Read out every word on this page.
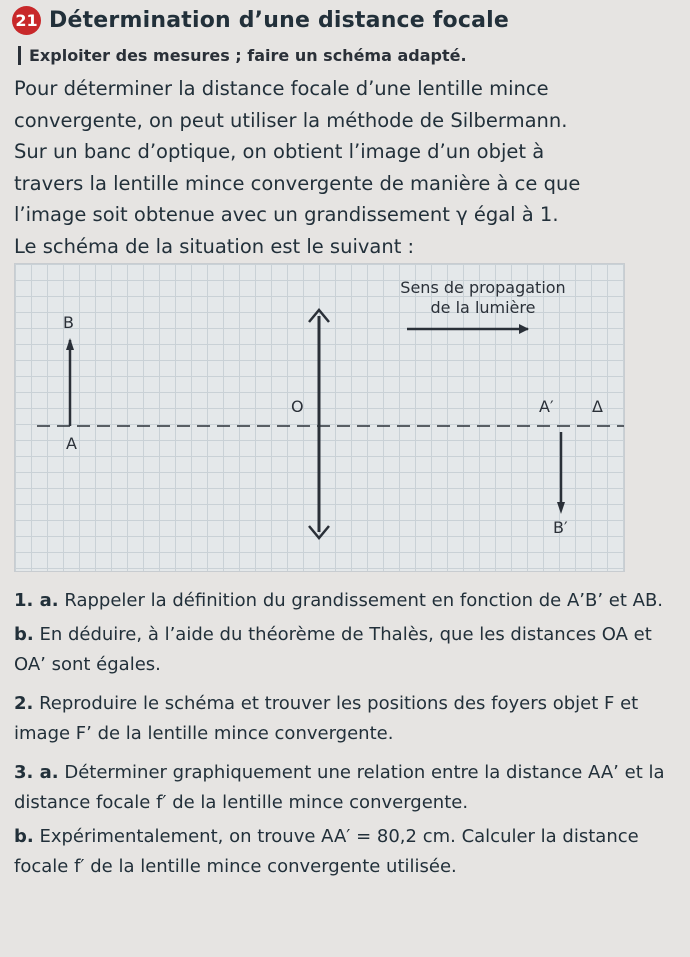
21 Détermination d’une distance focale
Exploiter des mesures ; faire un schéma adapté.

Pour déterminer la distance focale d’une lentille mince

convergente, on peut utiliser la méthode de Silbermann.

Sur un banc d’optique, on obtient l’image d’un objet à

travers la lentille mince convergente de manière à ce que

l’image soit obtenue avec un grandissement γ égal à 1.

Le schéma de la situation est le suivant :

B
A
O	A′ Δ
B′
Sens de propagation
de la lumière

1. a. Rappeler la définition du grandissement en fonction de A’B’ et AB.

b. En déduire, à l’aide du théorème de Thalès, que les distances OA et OA’ sont égales.

2. Reproduire le schéma et trouver les positions des foyers objet F et image F’ de la lentille mince convergente.

3. a. Déterminer graphiquement une relation entre la distance AA’ et la distance focale f′ de la lentille mince convergente.

b. Expérimentalement, on trouve AA′ = 80,2 cm. Calculer la distance focale f′ de la lentille mince convergente utilisée.
